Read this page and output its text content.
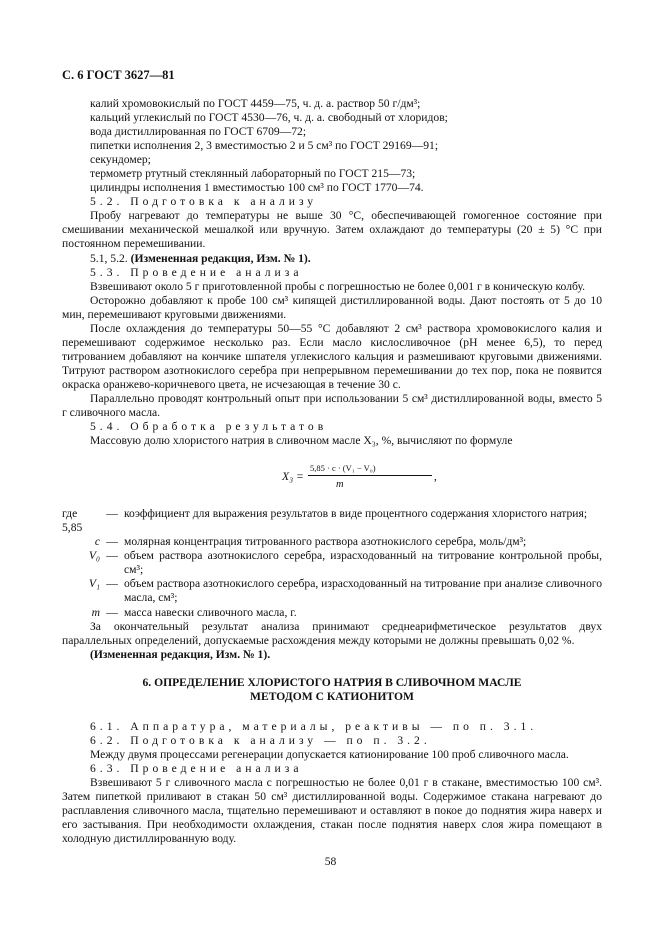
С. 6 ГОСТ 3627—81

калий хромовокислый по ГОСТ 4459—75, ч. д. а. раствор 50 г/дм³;

кальций углекислый по ГОСТ 4530—76, ч. д. а. свободный от хлоридов;

вода дистиллированная по ГОСТ 6709—72;

пипетки исполнения 2, 3 вместимостью 2 и 5 см³ по ГОСТ 29169—91;

секундомер;

термометр ртутный стеклянный лабораторный по ГОСТ 215—73;

цилиндры исполнения 1 вместимостью 100 см³ по ГОСТ 1770—74.

5.2. Подготовка к анализу

Пробу нагревают до температуры не выше 30 °С, обеспечивающей гомогенное состояние при смешивании механической мешалкой или вручную. Затем охлаждают до температуры (20 ± 5) °С при постоянном перемешивании.

5.1, 5.2. (Измененная редакция, Изм. № 1).

5.3. Проведение анализа

Взвешивают около 5 г приготовленной пробы с погрешностью не более 0,001 г в коническую колбу.

Осторожно добавляют к пробе 100 см³ кипящей дистиллированной воды. Дают постоять от 5 до 10 мин, перемешивают круговыми движениями.

После охлаждения до температуры 50—55 °С добавляют 2 см³ раствора хромовокислого калия и перемешивают содержимое несколько раз. Если масло кислосливочное (рН менее 6,5), то перед титрованием добавляют на кончике шпателя углекислого кальция и размешивают круговыми движениями. Титруют раствором азотнокислого серебра при непрерывном перемешивании до тех пор, пока не появится окраска оранжево-коричневого цвета, не исчезающая в течение 30 с.

Параллельно проводят контрольный опыт при использовании 5 см³ дистиллированной воды, вместо 5 г сливочного масла.

5.4. Обработка результатов

Массовую долю хлористого натрия в сливочном масле X₃, %, вычисляют по формуле

X₃ =
5,85 · c · (V₁ − V₀)
m
,
где 5,85
— коэффициент для выражения результатов в виде процентного содержания хлористого натрия;
c — молярная концентрация титрованного раствора азотнокислого серебра, моль/дм³;
V₀ — объем раствора азотнокислого серебра, израсходованный на титрование контрольной пробы, см³;
V₁ — объем раствора азотнокислого серебра, израсходованный на титрование при анализе сливочного масла, см³;
m — масса навески сливочного масла, г.

За окончательный результат анализа принимают среднеарифметическое результатов двух параллельных определений, допускаемые расхождения между которыми не должны превышать 0,02 %.

(Измененная редакция, Изм. № 1).

6. ОПРЕДЕЛЕНИЕ ХЛОРИСТОГО НАТРИЯ В СЛИВОЧНОМ МАСЛЕ
МЕТОДОМ С КАТИОНИТОМ

6.1. Аппаратура, материалы, реактивы — по п. 3.1.

6.2. Подготовка к анализу — по п. 3.2.

Между двумя процессами регенерации допускается катионирование 100 проб сливочного масла.

6.3. Проведение анализа

Взвешивают 5 г сливочного масла с погрешностью не более 0,01 г в стакане, вместимостью 100 см³. Затем пипеткой приливают в стакан 50 см³ дистиллированной воды. Содержимое стакана нагревают до расплавления сливочного масла, тщательно перемешивают и оставляют в покое до поднятия жира наверх и его застывания. При необходимости охлаждения, стакан после поднятия наверх слоя жира помещают в холодную дистиллированную воду.

58
